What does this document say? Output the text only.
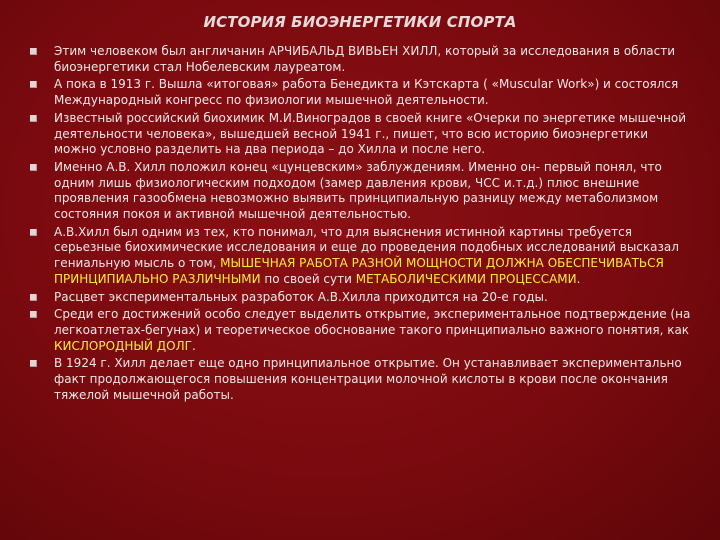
ИСТОРИЯ БИОЭНЕРГЕТИКИ СПОРТА
Этим человеком был англичанин АРЧИБАЛЬД ВИВЬЕН ХИЛЛ, который за исследования в области биоэнергетики стал Нобелевским лауреатом.
А пока в 1913 г. Вышла «итоговая» работа Бенедикта и Кэтскарта ( «Muscular Work») и состоялся Международный конгресс по физиологии мышечной деятельности.
Известный российский биохимик М.И.Виноградов в своей книге «Очерки по энергетике мышечной деятельности человека», вышедшей весной 1941 г., пишет, что всю историю биоэнергетики можно условно разделить на два периода – до Хилла и после него.
Именно А.В. Хилл положил конец «цунцевским» заблуждениям. Именно он- первый понял, что одним лишь физиологическим подходом (замер давления крови, ЧСС и.т.д.) плюс внешние проявления газообмена невозможно выявить принципиальную разницу между метаболизмом состояния покоя и активной мышечной деятельностью.
А.В.Хилл был одним из тех, кто понимал, что для выяснения истинной картины требуется серьезные биохимические исследования и еще до проведения подобных исследований высказал гениальную мысль о том, МЫШЕЧНАЯ РАБОТА РАЗНОЙ МОЩНОСТИ ДОЛЖНА ОБЕСПЕЧИВАТЬСЯ ПРИНЦИПИАЛЬНО РАЗЛИЧНЫМИ по своей сути МЕТАБОЛИЧЕСКИМИ ПРОЦЕССАМИ.
Расцвет экспериментальных разработок А.В.Хилла приходится на 20-е годы.
Среди его достижений особо следует выделить открытие, экспериментальное подтверждение (на легкоатлетах-бегунах) и теоретическое обоснование такого принципиально важного понятия, как КИСЛОРОДНЫЙ ДОЛГ.
В 1924 г. Хилл делает еще одно принципиальное открытие. Он устанавливает экспериментально факт продолжающегося повышения концентрации молочной кислоты в крови после окончания тяжелой мышечной работы.
